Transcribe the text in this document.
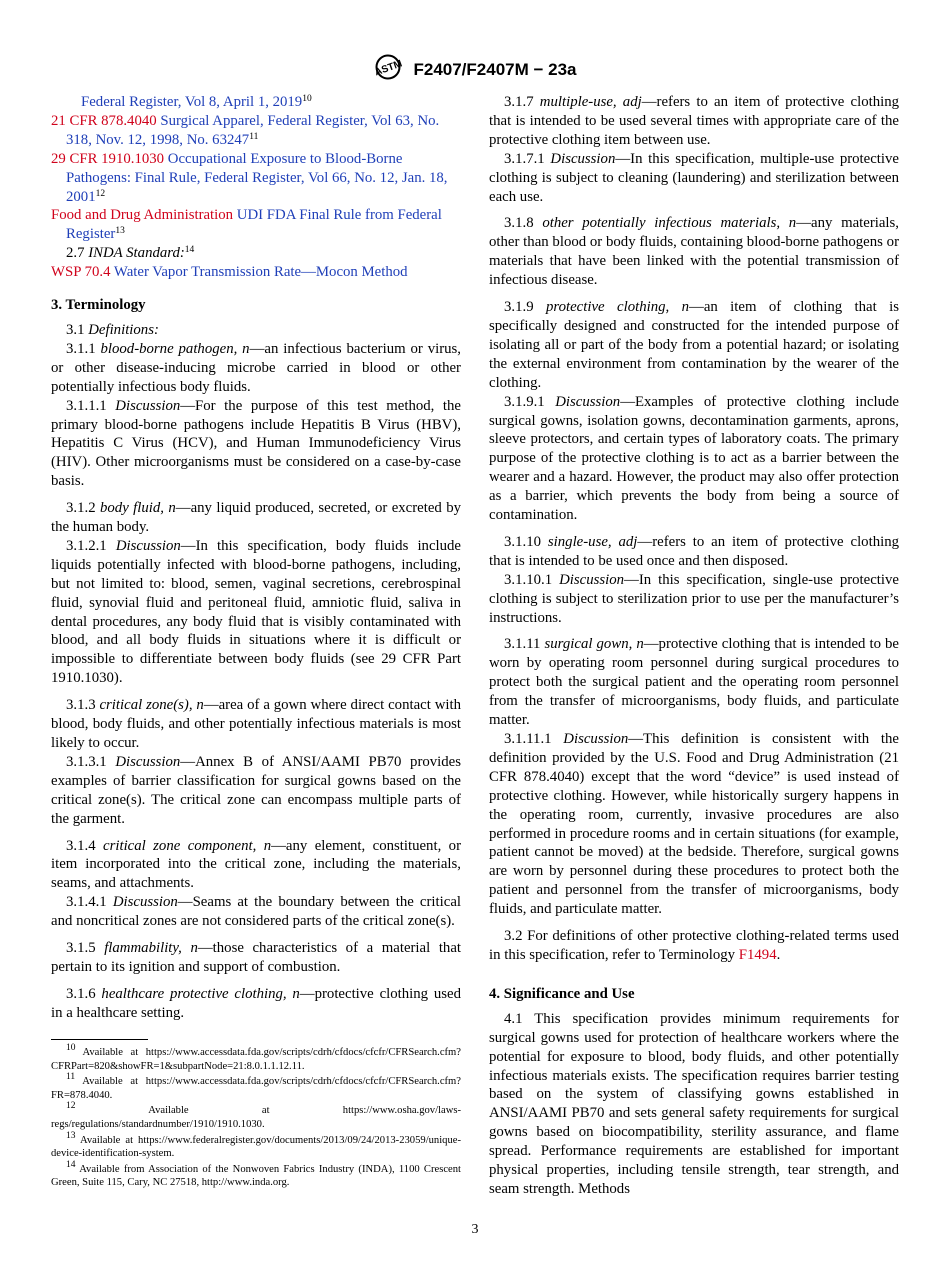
ASTM F2407/F2407M − 23a

Federal Register, Vol 8, April 1, 2019$^{10}$

21 CFR 878.4040 Surgical Apparel, Federal Register, Vol 63, No. 318, Nov. 12, 1998, No. 63247$^{11}$

29 CFR 1910.1030 Occupational Exposure to Blood-Borne Pathogens: Final Rule, Federal Register, Vol 66, No. 12, Jan. 18, 2001$^{12}$

Food and Drug Administration UDI FDA Final Rule from Federal Register$^{13}$

2.7 INDA Standard:$^{14}$

WSP 70.4 Water Vapor Transmission Rate—Mocon Method

3. Terminology

3.1 Definitions:

3.1.1 blood-borne pathogen, n—an infectious bacterium or virus, or other disease-inducing microbe carried in blood or other potentially infectious body fluids.

3.1.1.1 Discussion—For the purpose of this test method, the primary blood-borne pathogens include Hepatitis B Virus (HBV), Hepatitis C Virus (HCV), and Human Immunodeficiency Virus (HIV). Other microorganisms must be considered on a case-by-case basis.

3.1.2 body fluid, n—any liquid produced, secreted, or excreted by the human body.

3.1.2.1 Discussion—In this specification, body fluids include liquids potentially infected with blood-borne pathogens, including, but not limited to: blood, semen, vaginal secretions, cerebrospinal fluid, synovial fluid and peritoneal fluid, amniotic fluid, saliva in dental procedures, any body fluid that is visibly contaminated with blood, and all body fluids in situations where it is difficult or impossible to differentiate between body fluids (see 29 CFR Part 1910.1030).

3.1.3 critical zone(s), n—area of a gown where direct contact with blood, body fluids, and other potentially infectious materials is most likely to occur.

3.1.3.1 Discussion—Annex B of ANSI/AAMI PB70 provides examples of barrier classification for surgical gowns based on the critical zone(s). The critical zone can encompass multiple parts of the garment.

3.1.4 critical zone component, n—any element, constituent, or item incorporated into the critical zone, including the materials, seams, and attachments.

3.1.4.1 Discussion—Seams at the boundary between the critical and noncritical zones are not considered parts of the critical zone(s).

3.1.5 flammability, n—those characteristics of a material that pertain to its ignition and support of combustion.

3.1.6 healthcare protective clothing, n—protective clothing used in a healthcare setting.

$^{10}$ Available at https://www.accessdata.fda.gov/scripts/cdrh/cfdocs/cfcfr/CFRSearch.cfm?CFRPart=820&showFR=1&subpartNode=21:8.0.1.1.12.11.

$^{11}$ Available at https://www.accessdata.fda.gov/scripts/cdrh/cfdocs/cfcfr/CFRSearch.cfm?FR=878.4040.

$^{12}$	Available at https://www.osha.gov/laws-regs/regulations/standardnumber/1910/1910.1030.

$^{13}$ Available at https://www.federalregister.gov/documents/2013/09/24/2013-23059/unique-device-identification-system.

$^{14}$ Available from Association of the Nonwoven Fabrics Industry (INDA), 1100 Crescent Green, Suite 115, Cary, NC 27518, http://www.inda.org.

3.1.7 multiple-use, adj—refers to an item of protective clothing that is intended to be used several times with appropriate care of the protective clothing item between use.

3.1.7.1 Discussion—In this specification, multiple-use protective clothing is subject to cleaning (laundering) and sterilization between each use.

3.1.8 other potentially infectious materials, n—any materials, other than blood or body fluids, containing blood-borne pathogens or materials that have been linked with the potential transmission of infectious disease.

3.1.9 protective clothing, n—an item of clothing that is specifically designed and constructed for the intended purpose of isolating all or part of the body from a potential hazard; or isolating the external environment from contamination by the wearer of the clothing.

3.1.9.1 Discussion—Examples of protective clothing include surgical gowns, isolation gowns, decontamination garments, aprons, sleeve protectors, and certain types of laboratory coats. The primary purpose of the protective clothing is to act as a barrier between the wearer and a hazard. However, the product may also offer protection as a barrier, which prevents the body from being a source of contamination.

3.1.10 single-use, adj—refers to an item of protective clothing that is intended to be used once and then disposed.

3.1.10.1 Discussion—In this specification, single-use protective clothing is subject to sterilization prior to use per the manufacturer’s instructions.

3.1.11 surgical gown, n—protective clothing that is intended to be worn by operating room personnel during surgical procedures to protect both the surgical patient and the operating room personnel from the transfer of microorganisms, body fluids, and particulate matter.

3.1.11.1 Discussion—This definition is consistent with the definition provided by the U.S. Food and Drug Administration (21 CFR 878.4040) except that the word “device” is used instead of protective clothing. However, while historically surgery happens in the operating room, currently, invasive procedures are also performed in procedure rooms and in certain situations (for example, patient cannot be moved) at the bedside. Therefore, surgical gowns are worn by personnel during these procedures to protect both the patient and personnel from the transfer of microorganisms, body fluids, and particulate matter.

3.2 For definitions of other protective clothing-related terms used in this specification, refer to Terminology F1494.

4. Significance and Use

4.1 This specification provides minimum requirements for surgical gowns used for protection of healthcare workers where the potential for exposure to blood, body fluids, and other potentially infectious materials exists. The specification requires barrier testing based on the system of classifying gowns established in ANSI/AAMI PB70 and sets general safety requirements for surgical gowns based on biocompatibility, sterility assurance, and flame spread. Performance requirements are established for important physical properties, including tensile strength, tear strength, and seam strength. Methods

3
